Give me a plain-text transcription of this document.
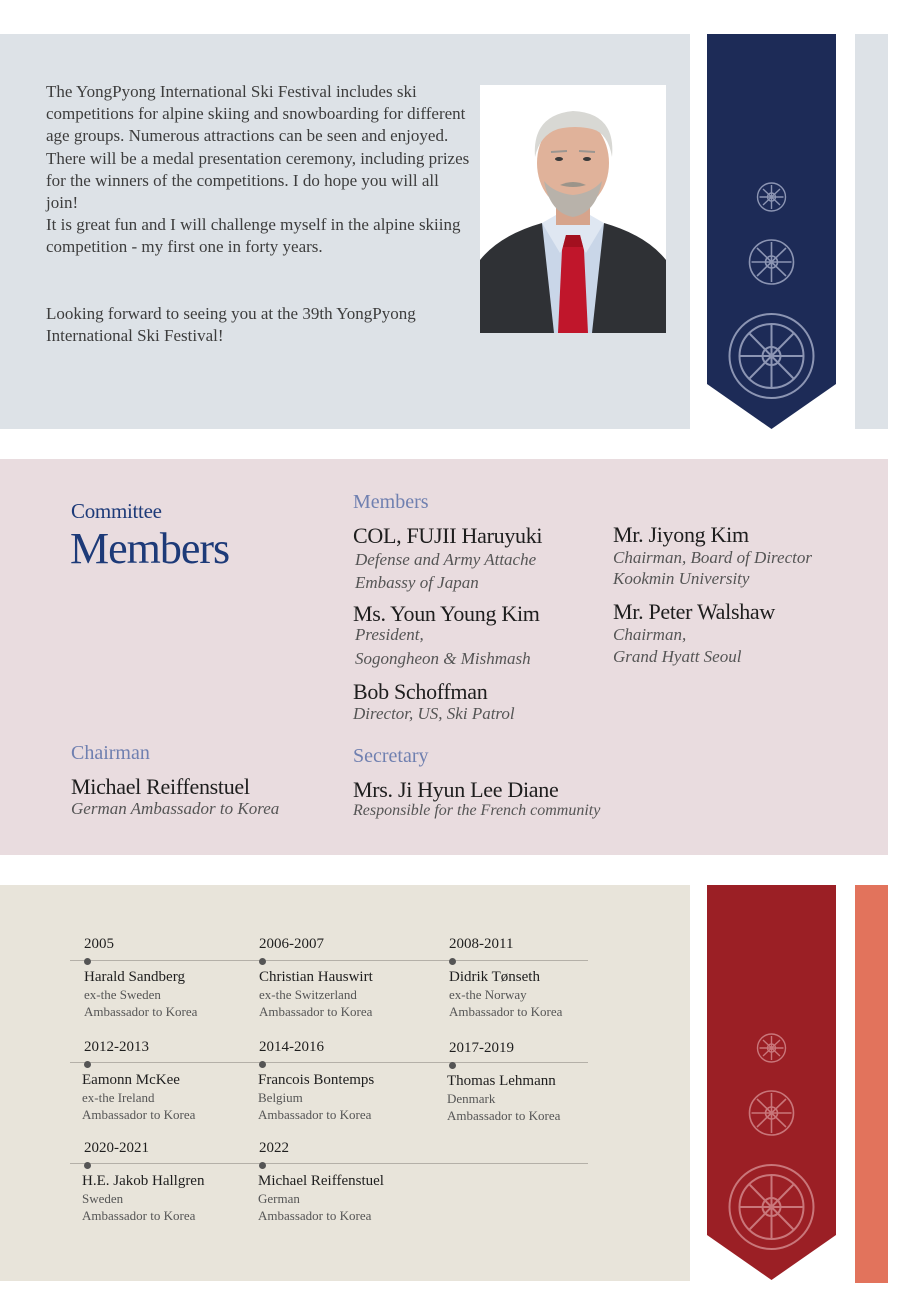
The YongPyong International Ski Festival includes ski competitions for alpine skiing and snowboarding for different age groups. Numerous attractions can be seen and enjoyed.

There will be a medal presentation ceremony, including prizes for the winners of the competitions. I do hope you will all join!

It is great fun and I will challenge myself in the alpine skiing competition - my first one in forty years.

Looking forward to seeing you at the 39th YongPyong International Ski Festival!

Committee
Members
Members
COL, FUJII Haruyuki
Defense and Army Attache
Embassy of Japan
Ms. Youn Young Kim
President,
Sogongheon & Mishmash
Bob Schoffman
Director, US, Ski Patrol
Mr. Jiyong Kim
Chairman, Board of Director
Kookmin University
Mr. Peter Walshaw
Chairman,
Grand Hyatt Seoul
Chairman
Michael Reiffenstuel
German Ambassador to Korea
Secretary
Mrs. Ji Hyun Lee Diane
Responsible for the French community
2005
Harald Sandberg
ex-the Sweden
Ambassador to Korea
2006-2007
Christian Hauswirt
ex-the Switzerland
Ambassador to Korea
2008-2011
Didrik Tønseth
ex-the Norway
Ambassador to Korea
2012-2013
Eamonn McKee
ex-the Ireland
Ambassador to Korea
2014-2016
Francois Bontemps
Belgium
Ambassador to Korea
2017-2019
Thomas Lehmann
Denmark
Ambassador to Korea
2020-2021
H.E. Jakob Hallgren
Sweden
Ambassador to Korea
2022
Michael Reiffenstuel
German
Ambassador to Korea
